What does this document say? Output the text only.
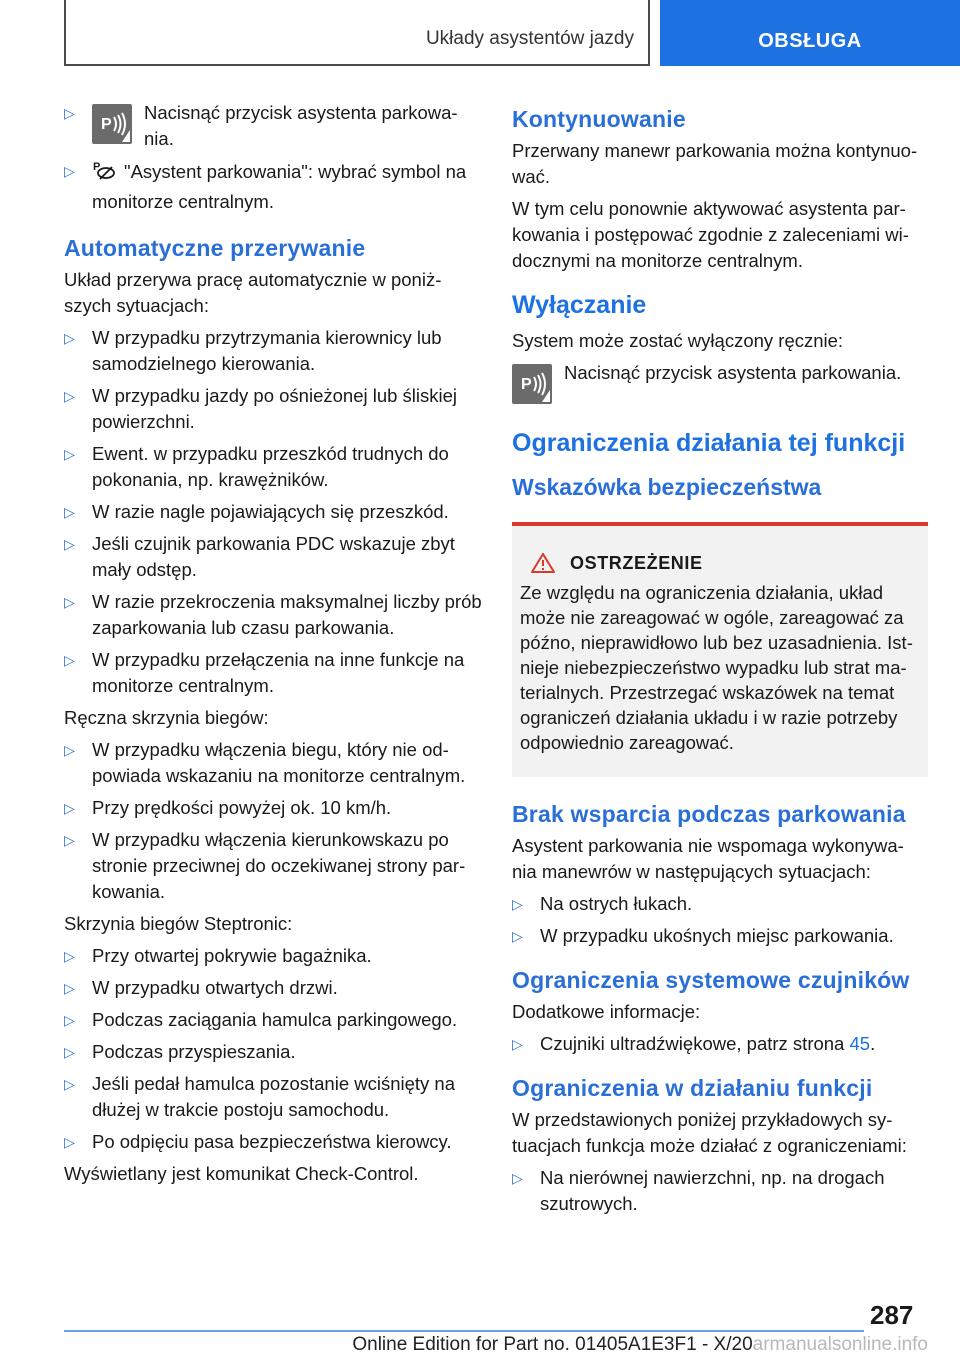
Układy asystentów jazdy	OBSŁUGA
▷
P
Nacisnąć przycisk asystenta parkowa-nia.
▷ P "Asystent parkowania": wybrać symbol na monitorze centralnym.
Automatyczne przerywanie

Układ przerywa pracę automatycznie w poniż-szych sytuacjach:

▷ W przypadku przytrzymania kierownicy lub samodzielnego kierowania.
▷ W przypadku jazdy po ośnieżonej lub śliskiej powierzchni.
▷ Ewent. w przypadku przeszkód trudnych do pokonania, np. krawężników.
▷ W razie nagle pojawiających się przeszkód.
▷ Jeśli czujnik parkowania PDC wskazuje zbyt mały odstęp.
▷ W razie przekroczenia maksymalnej liczby prób zaparkowania lub czasu parkowania.
▷ W przypadku przełączenia na inne funkcje na monitorze centralnym.

Ręczna skrzynia biegów:

▷ W przypadku włączenia biegu, który nie od-powiada wskazaniu na monitorze centralnym.
▷ Przy prędkości powyżej ok. 10 km/h.
▷ W przypadku włączenia kierunkowskazu po stronie przeciwnej do oczekiwanej strony par-kowania.

Skrzynia biegów Steptronic:

▷ Przy otwartej pokrywie bagażnika.
▷ W przypadku otwartych drzwi.
▷ Podczas zaciągania hamulca parkingowego.
▷ Podczas przyspieszania.
▷ Jeśli pedał hamulca pozostanie wciśnięty na dłużej w trakcie postoju samochodu.
▷ Po odpięciu pasa bezpieczeństwa kierowcy.

Wyświetlany jest komunikat Check-Control.

Kontynuowanie

Przerwany manewr parkowania można kontynuo-wać.

W tym celu ponownie aktywować asystenta par-kowania i postępować zgodnie z zaleceniami wi-docznymi na monitorze centralnym.

Wyłączanie

System może zostać wyłączony ręcznie:

P
Nacisnąć przycisk asystenta parkowania.
Ograniczenia działania tej funkcji
Wskazówka bezpieczeństwa
OSTRZEŻENIE
Ze względu na ograniczenia działania, układ może nie zareagować w ogóle, zareagować za późno, nieprawidłowo lub bez uzasadnienia. Ist-nieje niebezpieczeństwo wypadku lub strat ma-terialnych. Przestrzegać wskazówek na temat ograniczeń działania układu i w razie potrzeby odpowiednio zareagować.
Brak wsparcia podczas parkowania

Asystent parkowania nie wspomaga wykonywa-nia manewrów w następujących sytuacjach:

▷ Na ostrych łukach.
▷ W przypadku ukośnych miejsc parkowania.
Ograniczenia systemowe czujników

Dodatkowe informacje:

▷ Czujniki ultradźwiękowe, patrz strona 45.
Ograniczenia w działaniu funkcji

W przedstawionych poniżej przykładowych sy-tuacjach funkcja może działać z ograniczeniami:

▷ Na nierównej nawierzchni, np. na drogach szutrowych.
287
Online Edition for Part no. 01405A1E3F1 - X/20armanualsonline.info
